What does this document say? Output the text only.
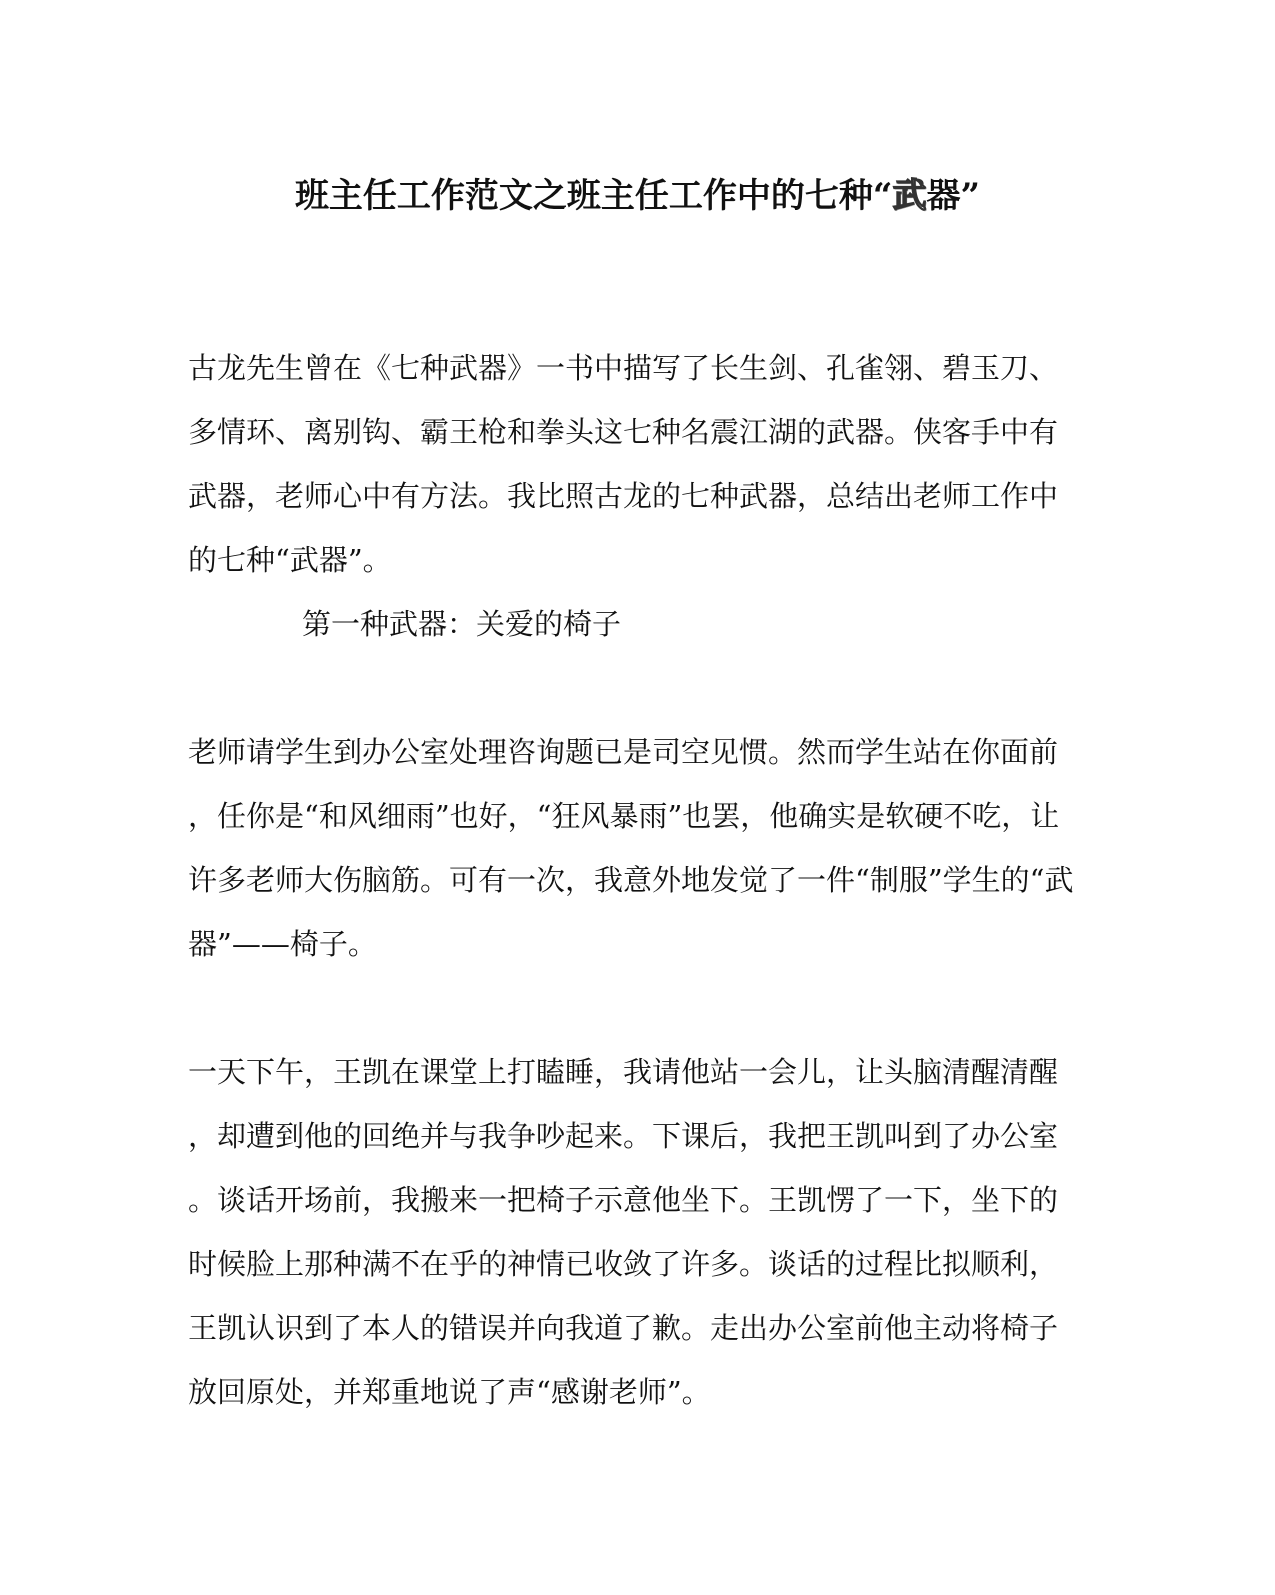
班主任工作范文之班主任工作中的七种“武器”
古龙先生曾在《七种武器》一书中描写了长生剑、孔雀翎、碧玉刀、
多情环、离别钩、霸王枪和拳头这七种名震江湖的武器。侠客手中有
武器，老师心中有方法。我比照古龙的七种武器，总结出老师工作中
的七种“武器”。
第一种武器：关爱的椅子
老师请学生到办公室处理咨询题已是司空见惯。然而学生站在你面前
，任你是“和风细雨”也好，“狂风暴雨”也罢，他确实是软硬不吃，让
许多老师大伤脑筋。可有一次，我意外地发觉了一件“制服”学生的“武
器”——椅子。
一天下午，王凯在课堂上打瞌睡，我请他站一会儿，让头脑清醒清醒
，却遭到他的回绝并与我争吵起来。下课后，我把王凯叫到了办公室
。谈话开场前，我搬来一把椅子示意他坐下。王凯愣了一下，坐下的
时候脸上那种满不在乎的神情已收敛了许多。谈话的过程比拟顺利，
王凯认识到了本人的错误并向我道了歉。走出办公室前他主动将椅子
放回原处，并郑重地说了声“感谢老师”。
